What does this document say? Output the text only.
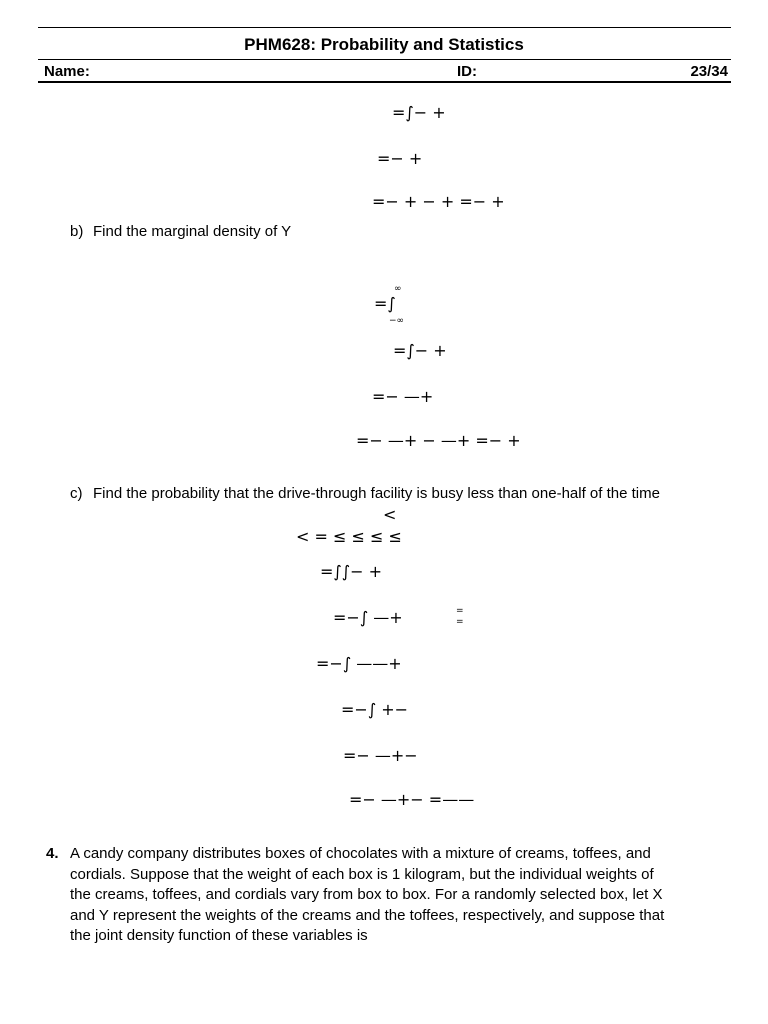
PHM628: Probability and Statistics
Name:	ID:	23/34
=∫− +
=− +
=− + − + =− +
b) Find the marginal density of Y
∞
=∫
−∞
=∫− +
=− —+
=− —+ − —+ =− +
c) Find the probability that the drive-through facility is busy less than one-half of the time
<
< = ≤ ≤ ≤ ≤
=∫∫− +
=−∫ —+	=
=
=−∫ ——+
=−∫ +−
=− —+−
=− —+− =——
4. A candy company distributes boxes of chocolates with a mixture of creams, toffees, and
cordials. Suppose that the weight of each box is 1 kilogram, but the individual weights of
the creams, toffees, and cordials vary from box to box. For a randomly selected box, let X
and Y represent the weights of the creams and the toffees, respectively, and suppose that
the joint density function of these variables is
